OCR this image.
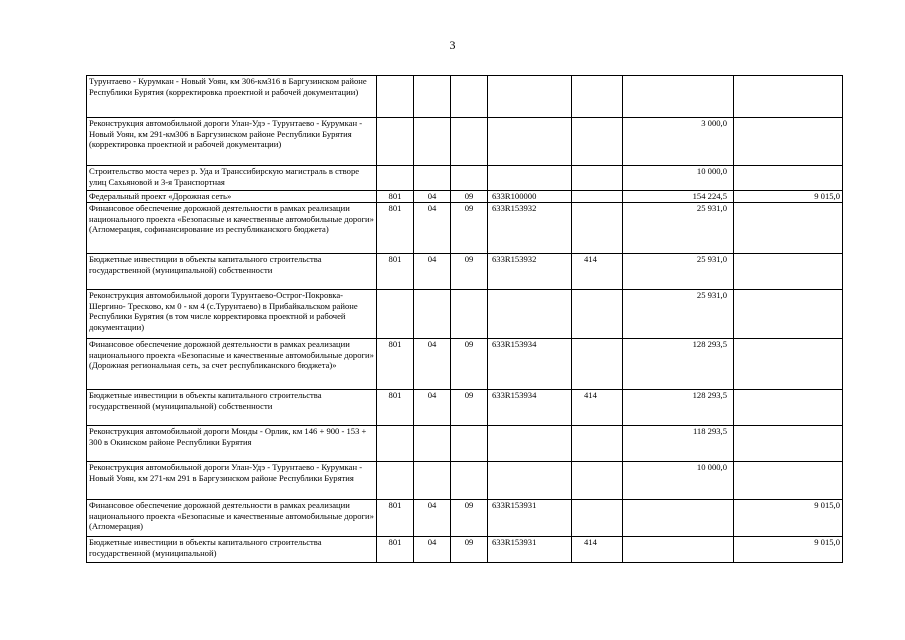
3
Турунтаево - Курумкан - Новый Уоян, км 306-км316 в Баргузинском районе Республики Бурятия (корректировка проектной и рабочей документации)							
Реконструкция автомобильной дороги Улан-Удэ - Турунтаево - Курумкан - Новый Уоян, км 291-км306 в Баргузинском районе Республики Бурятия (корректировка проектной и рабочей документации)						3 000,0	
Строительство моста через р. Уда и Транссибирскую магистраль в створе улиц Сахьяновой и 3-я Транспортная						10 000,0	
Федеральный проект «Дорожная сеть»	801	04	09	633R100000		154 224,5	9 015,0
Финансовое обеспечение дорожной деятельности в рамках реализации национального проекта «Безопасные и качественные автомобильные дороги» (Агломерация, софинансирование из республиканского бюджета)	801	04	09	633R153932		25 931,0	
Бюджетные инвестиции в объекты капитального строительства государственной (муниципальной) собственности	801	04	09	633R153932	414	25 931,0	
Реконструкция автомобильной дороги Турунтаево-Острог-Покровка-Шергино- Тресково, км 0 - км 4 (с.Турунтаево) в Прибайкальском районе Республики Бурятия (в том числе корректировка проектной и рабочей документации)						25 931,0	
Финансовое обеспечение дорожной деятельности в рамках реализации национального проекта «Безопасные и качественные автомобильные дороги» (Дорожная региональная сеть, за счет республиканского бюджета)»	801	04	09	633R153934		128 293,5	
Бюджетные инвестиции в объекты капитального строительства государственной (муниципальной) собственности	801	04	09	633R153934	414	128 293,5	
Реконструкция автомобильной дороги Монды - Орлик, км 146 + 900 - 153 + 300 в Окинском районе Республики Бурятия						118 293,5	
Реконструкция автомобильной дороги Улан-Удэ - Турунтаево - Курумкан - Новый Уоян, км 271-км 291 в Баргузинском районе Республики Бурятия						10 000,0	
Финансовое обеспечение дорожной деятельности в рамках реализации национального проекта «Безопасные и качественные автомобильные дороги» (Агломерация)	801	04	09	633R153931			9 015,0
Бюджетные инвестиции в объекты капитального строительства государственной (муниципальной)	801	04	09	633R153931	414		9 015,0
